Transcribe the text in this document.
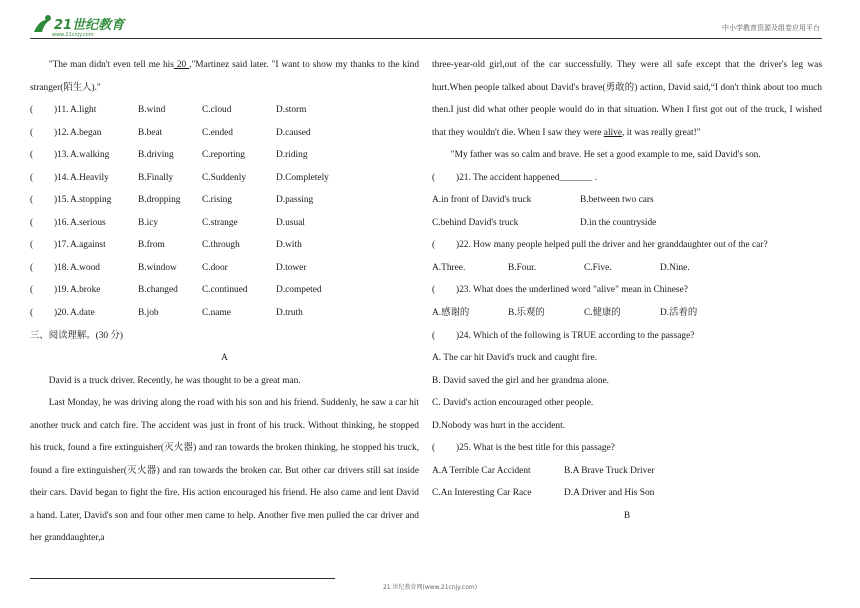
21世纪教育
www.21cnjy.com
中小学教育资源及组卷应用平台
"The man didn't even tell me his 20 ,"Martinez said later. "I want to show my thanks to the kind stranger(陌生人)."
( )11. A.light	B.wind	C.cloud	D.storm
( )12.A.began	B.beat	C.ended	D.caused
( )13.A.walking	B.driving	C.reporting	D.riding
( )14.A.Heavily	B.Finally	C.Suddenly	D.Completely
( )15.A.stopping	B.dropping C.rising	D.passing
( )16.A.serious	B.icy	C.strange	D.usual
( )17.A.against	B.from	C.through	D.with
( )18.A.wood	B.window	C.door	D.tower
( )19.A.broke	B.changed	C.continued	D.competed
( )20.A.date	B.job	C.name	D.truth
三、阅读理解。(30 分)
A
David is a truck driver. Recently, he was thought to be a great man.
Last Monday, he was driving along the road with his son and his friend. Suddenly, he saw a car hit another truck and catch fire. The accident was just in front of his truck. Without thinking, he stopped his truck, found a fire extinguisher(灭火器) and ran towards the broken thinking, he stopped his truck, found a fire extinguisher(灭火器) and ran towards the broken car. But other car drivers still sat inside their cars. David began to fight the fire. His action encouraged his friend. He also came and lent David a hand. Later, David's son and four other men came to help. Another five men pulled the car driver and her granddaughter,a
three-year-old girl,out of the car successfully. They were all safe except that the driver's leg was hurt.When people talked about David's brave(勇敢的) action, David said,“I don't think about too much then.I just did what other people would do in that situation. When I first got out of the truck, I wished that they wouldn't die. When I saw they were alive, it was really great!"
"My father was so calm and brave. He set a good example to me, said David's son.
( )21. The accident happened_______ .
A.in front of David's truck	B.between two cars
C.behind David's truck	D.in the countryside
( )22. How many people helped pull the driver and her granddaughter out of the car?
A.Three.	B.Four.	C.Five.	D.Nine.
( )23. What does the underlined word "alive" mean in Chinese?
A.感谢的	B.乐观的	C.健康的	D.活着的
( )24. Which of the following is TRUE according to the passage?
A. The car hit David's truck and caught fire.
B. David saved the girl and her grandma alone.
C. David's action encouraged other people.
D.Nobody was hurt in the accident.
( )25. What is the best title for this passage?
A.A Terrible Car Accident	B.A Brave Truck Driver
C.An Interesting Car Race	D.A Driver and His Son
B
21 世纪教育网(www.21cnjy.com)
